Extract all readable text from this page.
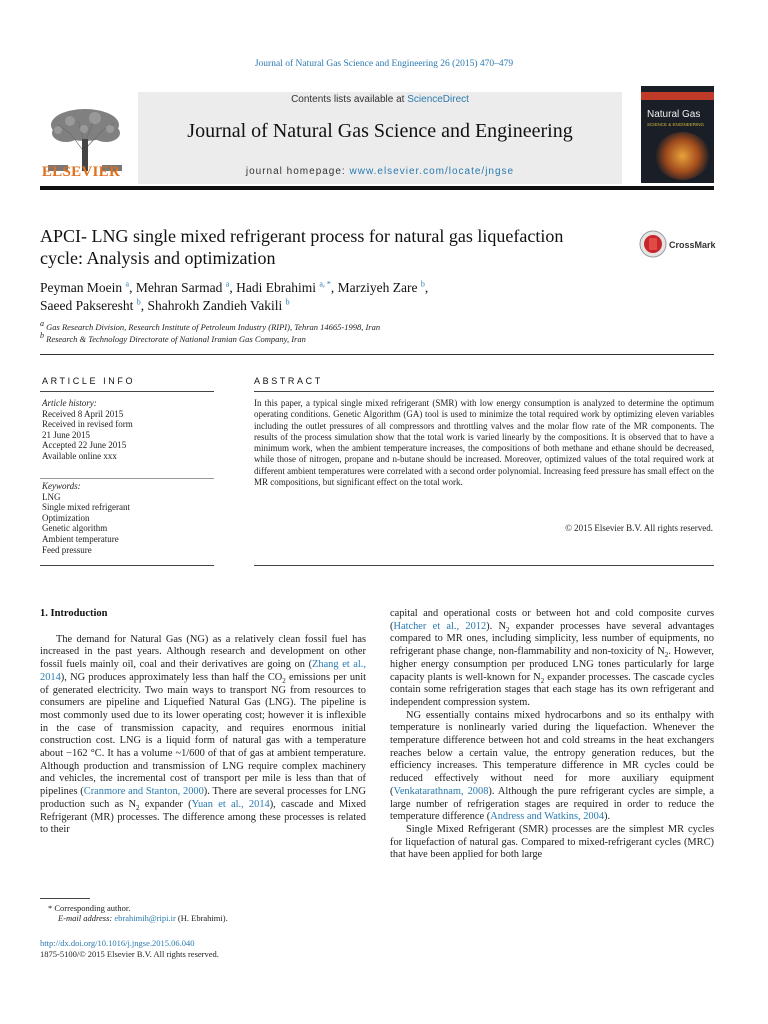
Journal of Natural Gas Science and Engineering 26 (2015) 470–479
ELSEVIER
Contents lists available at ScienceDirect
Journal of Natural Gas Science and Engineering
journal homepage: www.elsevier.com/locate/jngse
Natural Gas
SCIENCE & ENGINEERING
APCI- LNG single mixed refrigerant process for natural gas liquefaction
cycle: Analysis and optimization
CrossMark
Peyman Moein $^a$, Mehran Sarmad $^a$, Hadi Ebrahimi $^{a, *}$, Marziyeh Zare $^b$,
Saeed Pakseresht $^b$, Shahrokh Zandieh Vakili $^b$
$^a$ Gas Research Division, Research Institute of Petroleum Industry (RIPI), Tehran 14665-1998, Iran
$^b$ Research & Technology Directorate of National Iranian Gas Company, Iran
ARTICLE INFO
Article history:
Received 8 April 2015
Received in revised form
21 June 2015
Accepted 22 June 2015
Available online xxx
Keywords:
LNG
Single mixed refrigerant
Optimization
Genetic algorithm
Ambient temperature
Feed pressure
ABSTRACT
In this paper, a typical single mixed refrigerant (SMR) with low energy consumption is analyzed to determine the optimum operating conditions. Genetic Algorithm (GA) tool is used to minimize the total required work by optimizing eleven variables including the outlet pressures of all compressors and throttling valves and the molar flow rate of the MR components. The results of the process simulation show that the total work is varied linearly by the compositions. It is observed that to have a minimum work, when the ambient temperature increases, the compositions of both methane and ethane should be decreased, while those of nitrogen, propane and n-butane should be increased. Moreover, optimized values of the total required work at different ambient temperatures were correlated with a second order polynomial. Increasing feed pressure has small effect on the MR compositions, but significant effect on the total work.
© 2015 Elsevier B.V. All rights reserved.
1. Introduction

The demand for Natural Gas (NG) as a relatively clean fossil fuel has increased in the past years. Although research and development on other fossil fuels mainly oil, coal and their derivatives are going on (Zhang et al., 2014), NG produces approximately less than half the $CO_2$ emissions per unit of generated electricity. Two main ways to transport NG from resources to consumers are pipeline and Liquefied Natural Gas (LNG). The pipeline is most commonly used due to its lower operating cost; however it is inflexible in the case of transmission capacity, and requires enormous initial construction cost. LNG is a liquid form of natural gas with a temperature about −162 °C. It has a volume ~1/600 of that of gas at ambient temperature. Although production and transmission of LNG require complex machinery and vehicles, the incremental cost of transport per mile is less than that of pipelines (Cranmore and Stanton, 2000). There are several processes for LNG production such as $N_2$ expander (Yuan et al., 2014), cascade and Mixed Refrigerant (MR) processes. The difference among these processes is related to their

capital and operational costs or between hot and cold composite curves (Hatcher et al., 2012). $N_2$ expander processes have several advantages compared to MR ones, including simplicity, less number of equipments, no refrigerant phase change, non-flammability and non-toxicity of $N_2$. However, higher energy consumption per produced LNG tones particularly for large capacity plants is well-known for $N_2$ expander processes. The cascade cycles contain some refrigeration stages that each stage has its own refrigerant and independent compression system.

NG essentially contains mixed hydrocarbons and so its enthalpy with temperature is nonlinearly varied during the liquefaction. Whenever the temperature difference between hot and cold streams in the heat exchangers reaches below a certain value, the entropy generation reduces, but the efficiency increases. This temperature difference in MR cycles could be reduced effectively without need for more auxiliary equipment (Venkatarathnam, 2008). Although the pure refrigerant cycles are simple, a large number of refrigeration stages are required in order to reduce the temperature difference (Andress and Watkins, 2004).

Single Mixed Refrigerant (SMR) processes are the simplest MR cycles for liquefaction of natural gas. Compared to mixed-refrigerant cycles (MRC) that have been applied for both large

* Corresponding author.
E-mail address: ebrahimih@ripi.ir (H. Ebrahimi).
http://dx.doi.org/10.1016/j.jngse.2015.06.040
1875-5100/© 2015 Elsevier B.V. All rights reserved.
